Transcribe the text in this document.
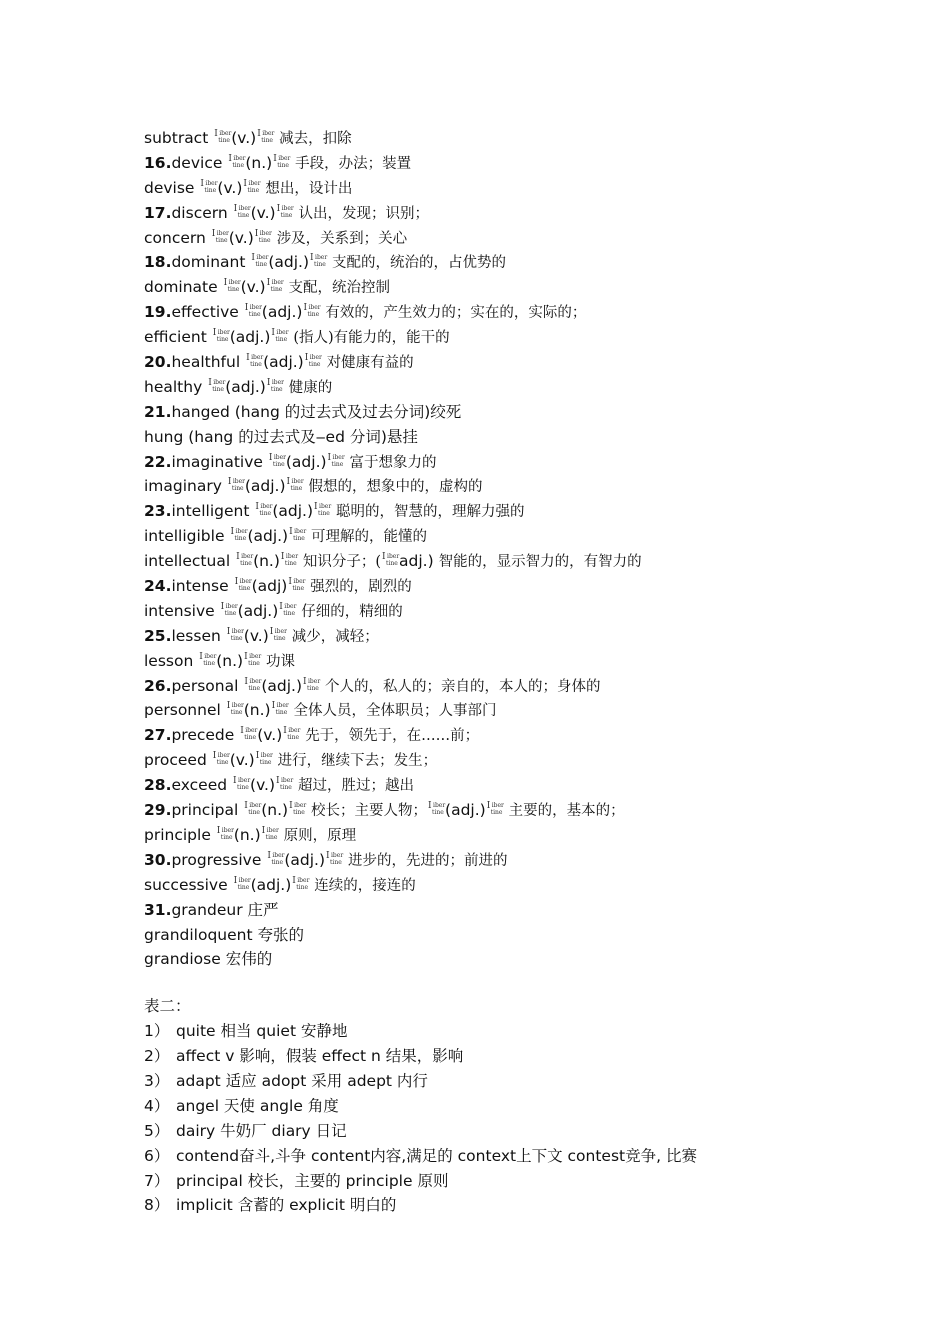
subtract I iber
tine (v.) I iber
tine 减去，扣除
16.device I iber
tine (n.) I iber
tine 手段，办法；装置
devise I iber
tine (v.) I iber
tine 想出，设计出
17.discern I iber
tine (v.) I iber
tine 认出，发现；识别；
concern I iber
tine (v.) I iber
tine 涉及，关系到；关心
18.dominant I iber
tine (adj.) I iber
tine 支配的，统治的，占优势的
dominate I iber
tine (v.) I iber
tine 支配，统治控制
19.effective I iber
tine (adj.) I iber
tine 有效的，产生效力的；实在的，实际的；
efficient I iber
tine (adj.) I iber
tine (指人)有能力的，能干的
20.healthful I iber
tine (adj.) I iber
tine 对健康有益的
healthy I iber
tine (adj.) I iber
tine 健康的
21.hanged (hang 的过去式及过去分词)绞死
hung (hang 的过去式及‒ed 分词)悬挂
22.imaginative I iber
tine (adj.) I iber
tine 富于想象力的
imaginary I iber
tine (adj.) I iber
tine 假想的，想象中的，虚构的
23.intelligent I iber
tine (adj.) I iber
tine 聪明的，智慧的，理解力强的
intelligible I iber
tine (adj.) I iber
tine 可理解的，能懂的
intellectual I iber
tine (n.) I iber
tine 知识分子；( I iber
tine adj.) 智能的，显示智力的，有智力的
24.intense I iber
tine (adj) I iber
tine 强烈的，剧烈的
intensive I iber
tine (adj.) I iber
tine 仔细的，精细的
25.lessen I iber
tine (v.) I iber
tine 减少，减轻；
lesson I iber
tine (n.) I iber
tine 功课
26.personal I iber
tine (adj.) I iber
tine 个人的，私人的；亲自的，本人的；身体的
personnel I iber
tine (n.) I iber
tine 全体人员，全体职员；人事部门
27.precede I iber
tine (v.) I iber
tine 先于，领先于，在……前；
proceed I iber
tine (v.) I iber
tine 进行，继续下去；发生；
28.exceed I iber
tine (v.) I iber
tine 超过，胜过；越出
29.principal I iber
tine (n.) I iber
tine 校长；主要人物； I iber
tine (adj.) I iber
tine 主要的，基本的；
principle I iber
tine (n.) I iber
tine 原则，原理
30.progressive I iber
tine (adj.) I iber
tine 进步的，先进的；前进的
successive I iber
tine (adj.) I iber
tine 连续的，接连的
31.grandeur 庄严
grandiloquent 夸张的
grandiose 宏伟的
表二：
1） quite 相当 quiet 安静地
2） affect v 影响，假装 effect n 结果，影响
3） adapt 适应 adopt 采用 adept 内行
4） angel 天使 angle 角度
5） dairy 牛奶厂 diary 日记
6） contend奋斗,斗争 content内容,满足的 context上下文 contest竞争, 比赛
7） principal 校长，主要的 principle 原则
8） implicit 含蓄的 explicit 明白的
